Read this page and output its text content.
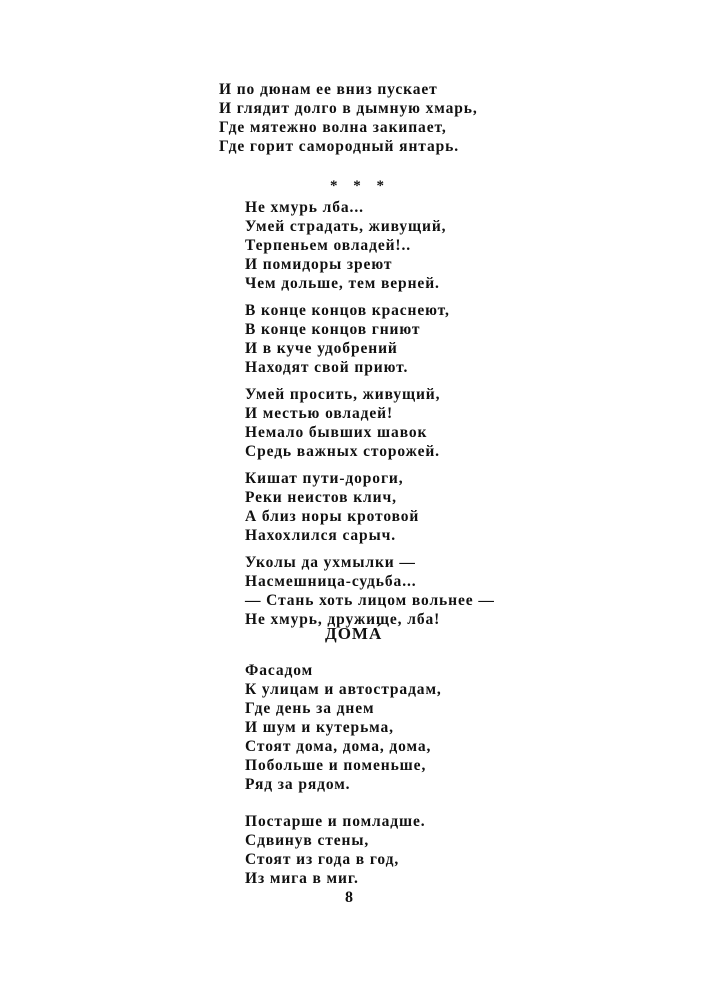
И по дюнам ее вниз пускает
И глядит долго в дымную хмарь,
Где мятежно волна закипает,
Где горит самородный янтарь.
* * *
Не хмурь лба...
Умей страдать, живущий,
Терпеньем овладей!..
И помидоры зреют
Чем дольше, тем верней.
В конце концов краснеют,
В конце концов гниют
И в куче удобрений
Находят свой приют.
Умей просить, живущий,
И местью овладей!
Немало бывших шавок
Средь важных сторожей.
Кишат пути-дороги,
Реки неистов клич,
А близ норы кротовой
Нахохлился сарыч.
Уколы да ухмылки —
Насмешница-судьба...
— Стань хоть лицом вольнее —
Не хмурь, дружище, лба!
ДОМА́
Фасадом
К улицам и автострадам,
Где день за днем
И шум и кутерьма,
Стоят дома, дома, дома,
Побольше и поменьше,
Ряд за рядом.
Постарше и помладше.
Сдвинув стены,
Стоят из года в год,
Из мига в миг.
8
